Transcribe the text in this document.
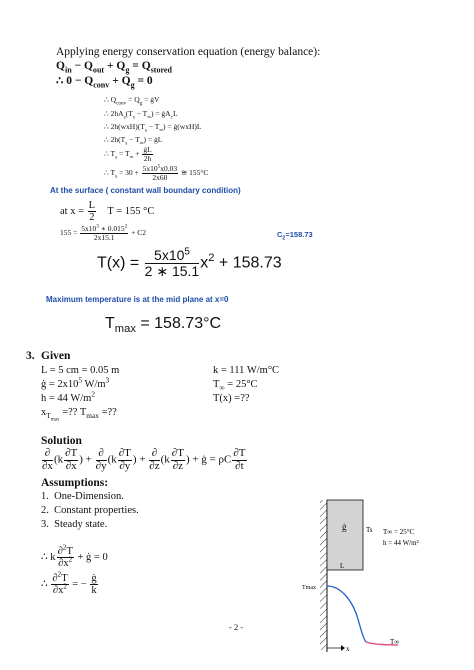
Applying energy conservation equation (energy balance):
$Q_{in} - Q_{out} + Q_g = Q_{stored}$
∴ $0 - Q_{conv} + Q_g = 0$
∴ $Q_{conv} = Q_g$ = ġV
∴ $2hA_s(T_s - T_\infty)$ = $ġA_cL$
∴ $2h(wxH)(T_s - T_\infty)$ = ġ(wxH)L
∴ $2h(T_s - T_\infty)$ = ġL
∴ $T_s = T_\infty + \frac{ġL}{2h}$
∴ $T_s = 30 + \frac{5x10^5x0.03}{2x60}$ ≅ 155°C
At the surface ( constant wall boundary condition)
at $x = \frac{L}{2}$ T = 155 °C
$155 = \frac{5x10^3 ∗ 0.015^2}{2x15.1} + C2$	$C_2=158.73$
$T(x) = \frac{5x10^5}{2 ∗ 15.1} x^2 + 158.73$
Maximum temperature is at the mid plane at x=0
$T_{max} = 158.73^\circ C$
3. Given
L = 5 cm = 0.05 m
ġ = $2x10^5$ $W/m^3$
h = 44 $W/m^2$
$x_{T_{max}}$ =?? $T_{max}$ =??
k = 111 W/m°C
$T_\infty = 25^\circ C$
T(x) =??
Solution
$\frac{\partial}{\partial x} (k \frac{\partial T}{\partial x}$ ) + $\frac{\partial}{\partial y} (k \frac{\partial T}{\partial y}$ ) + $\frac{\partial}{\partial z} (k \frac{\partial T}{\partial z}$ ) + ġ = ρC $\frac{\partial T}{\partial t}$
Assumptions:
1.  One-Dimension.
2.  Constant properties.
3.  Steady state.
∴ k $\frac{\partial^2T}{\partial x^2}$ + ġ = 0
∴ $\frac{\partial^2T}{\partial x^2}$ = − $\frac{ġ}{k}$
ġ
L
Ts T∞ = 25°C
h = 44 W/m²
x
Tmax
T∞
- 2 -
